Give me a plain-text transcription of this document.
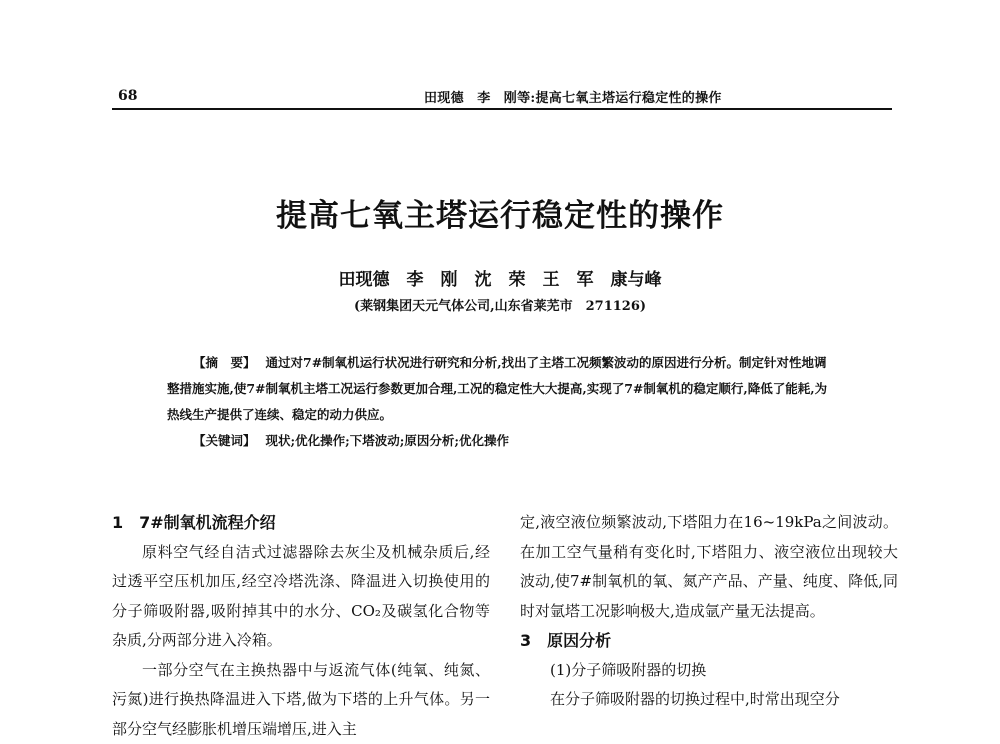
68	田现德　李　刚等:提高七氧主塔运行稳定性的操作
提高七氧主塔运行稳定性的操作
田现德　李　刚　沈　荣　王　军　康与峰
(莱钢集团天元气体公司,山东省莱芜市　271126)

【摘　要】 通过对7#制氧机运行状况进行研究和分析,找出了主塔工况频繁波动的原因进行分析。制定针对性地调整措施实施,使7#制氧机主塔工况运行参数更加合理,工况的稳定性大大提高,实现了7#制氧机的稳定顺行,降低了能耗,为热线生产提供了连续、稳定的动力供应。

【关键词】 现状;优化操作;下塔波动;原因分析;优化操作

1　7#制氧机流程介绍

原料空气经自洁式过滤器除去灰尘及机械杂质后,经过透平空压机加压,经空冷塔洗涤、降温进入切换使用的分子筛吸附器,吸附掉其中的水分、CO₂及碳氢化合物等杂质,分两部分进入冷箱。

一部分空气在主换热器中与返流气体(纯氧、纯氮、污氮)进行换热降温进入下塔,做为下塔的上升气体。另一部分空气经膨胀机增压端增压,进入主

定,液空液位频繁波动,下塔阻力在16~19kPa之间波动。在加工空气量稍有变化时,下塔阻力、液空液位出现较大波动,使7#制氧机的氧、氮产产品、产量、纯度、降低,同时对氩塔工况影响极大,造成氩产量无法提高。

3　原因分析

(1)分子筛吸附器的切换

在分子筛吸附器的切换过程中,时常出现空分
